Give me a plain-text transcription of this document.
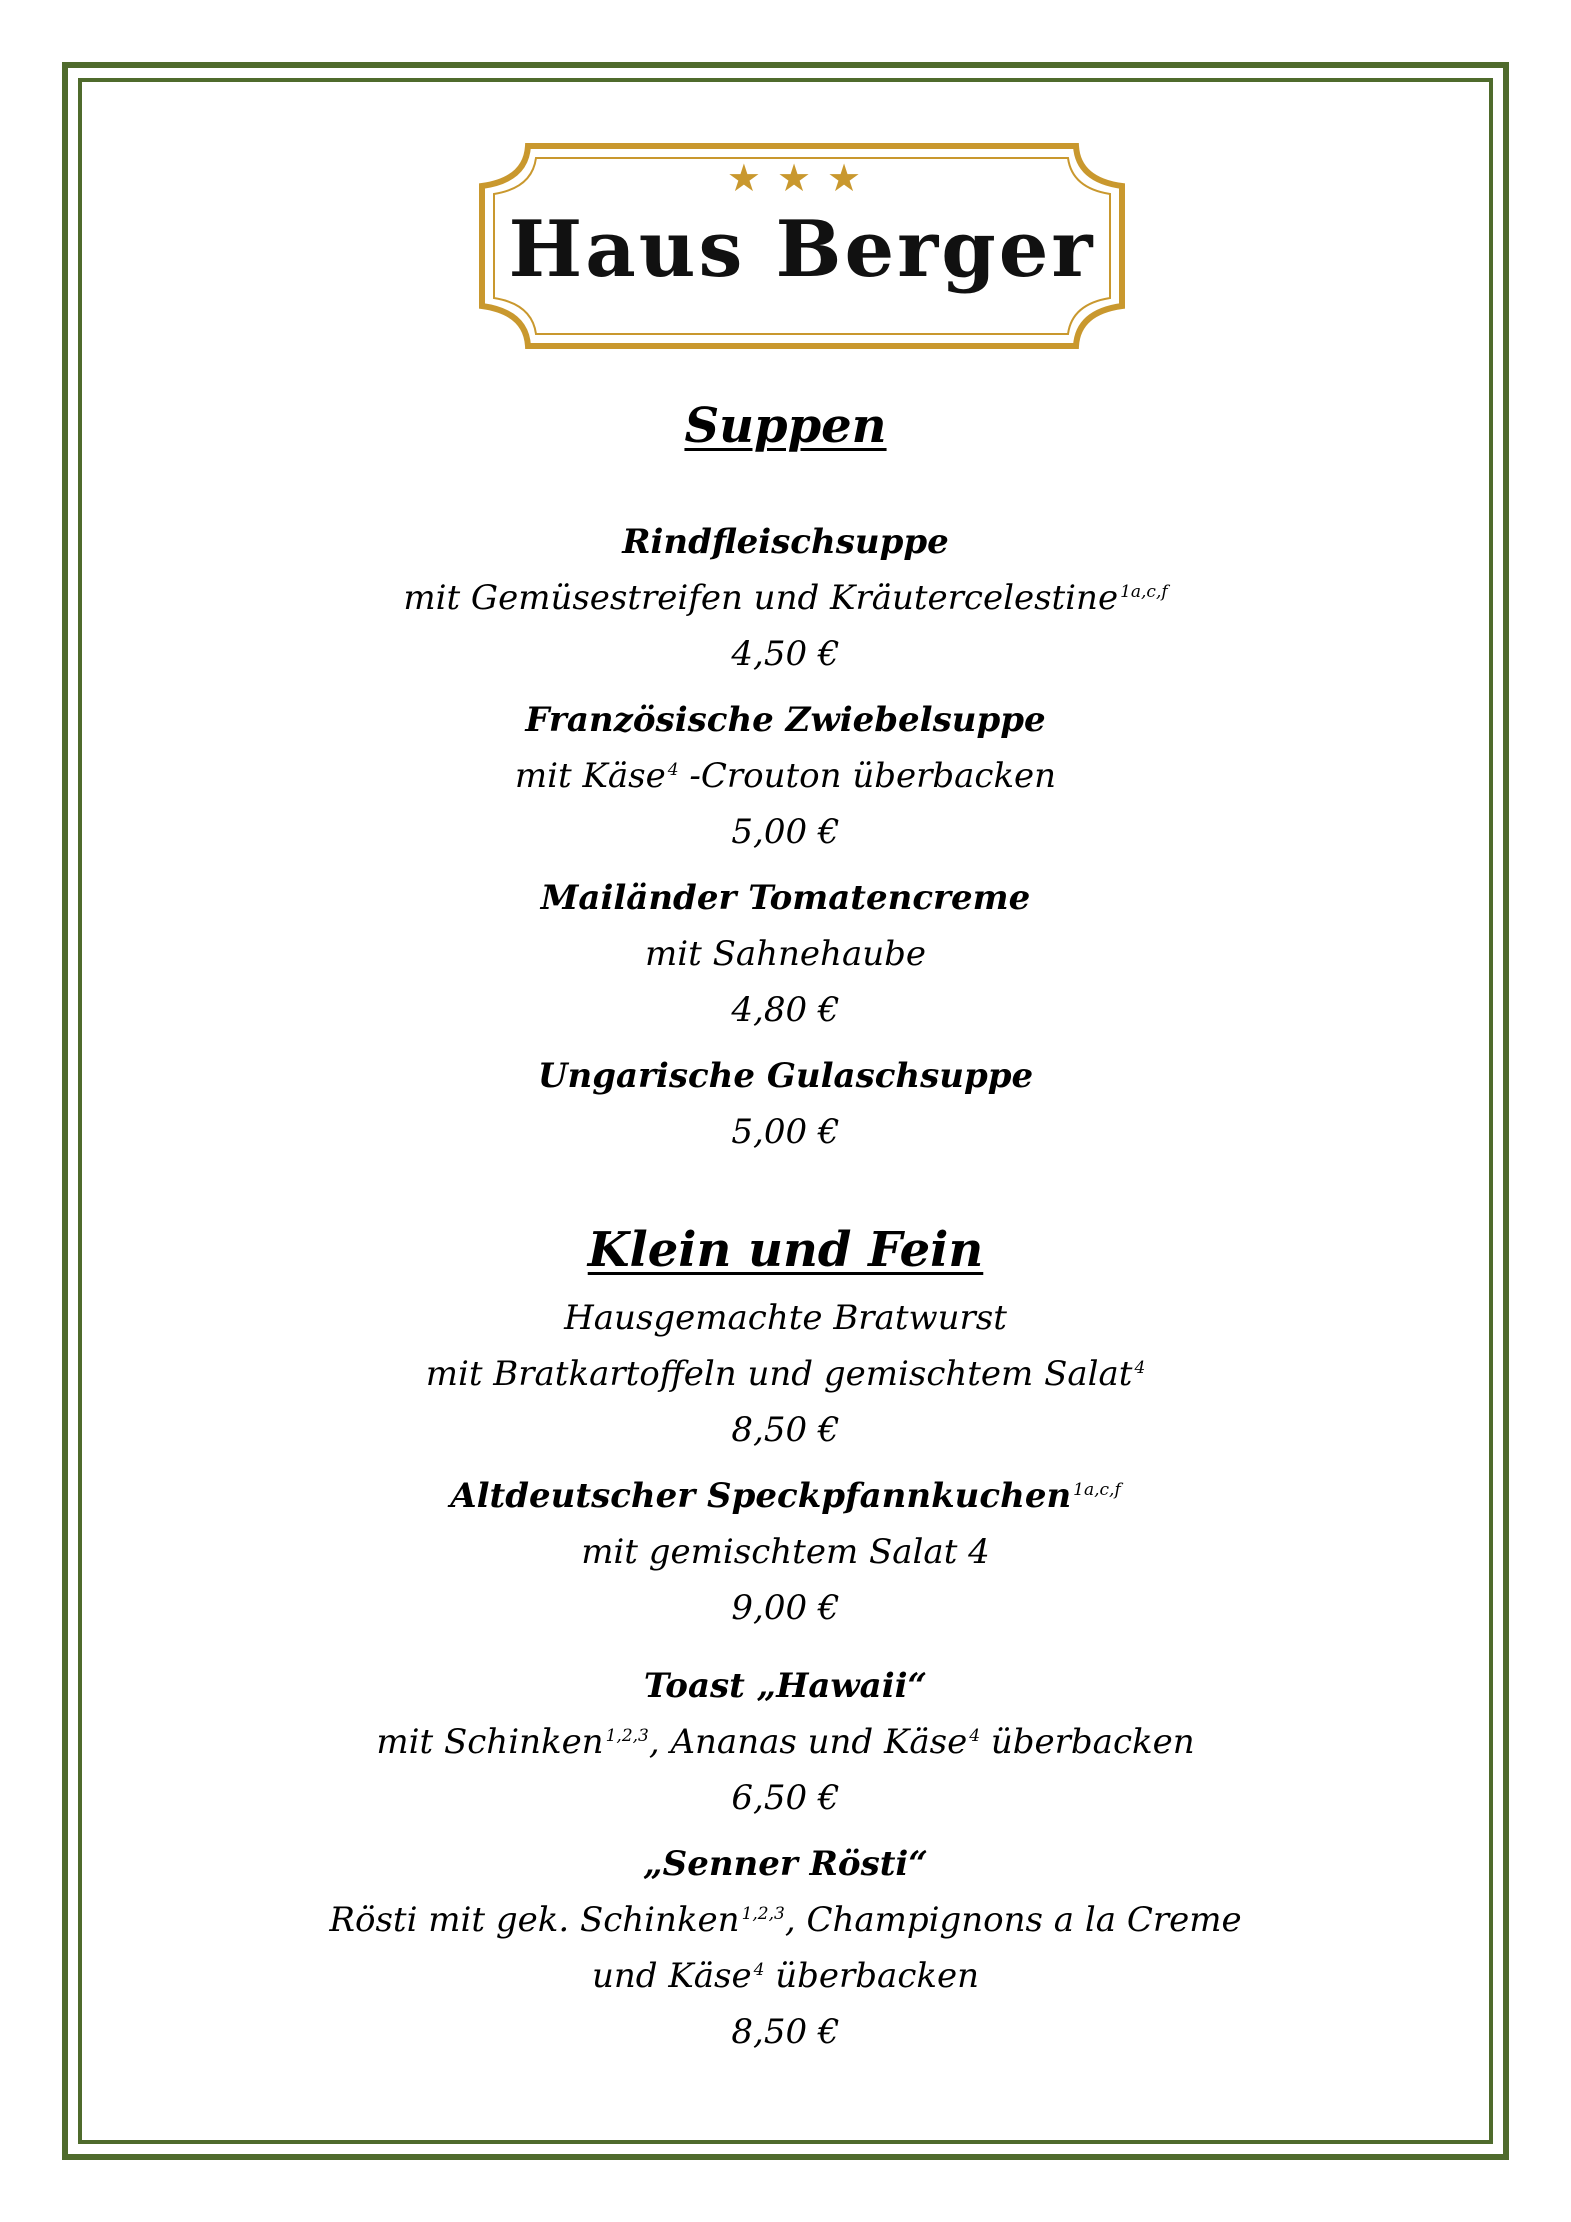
★★★
Haus Berger
Suppen
Rindfleischsuppe
mit Gemüsestreifen und Kräutercelestine $^{1a,c,f}$
4,50 €
Französische Zwiebelsuppe
mit Käse $^4$ -Crouton überbacken
5,00 €
Mailänder Tomatencreme
mit Sahnehaube
4,80 €
Ungarische Gulaschsuppe
5,00 €
Klein und Fein
Hausgemachte Bratwurst
mit Bratkartoffeln und gemischtem Salat $^4$
8,50 €
Altdeutscher Speckpfannkuchen $^{1a,c,f}$
mit gemischtem Salat 4
9,00 €
Toast „Hawaii“
mit Schinken $^{1,2,3}$, Ananas und Käse $^4$ überbacken
6,50 €
„Senner Rösti“
Rösti mit gek. Schinken $^{1,2,3}$, Champignons a la Creme
und Käse $^4$ überbacken
8,50 €
